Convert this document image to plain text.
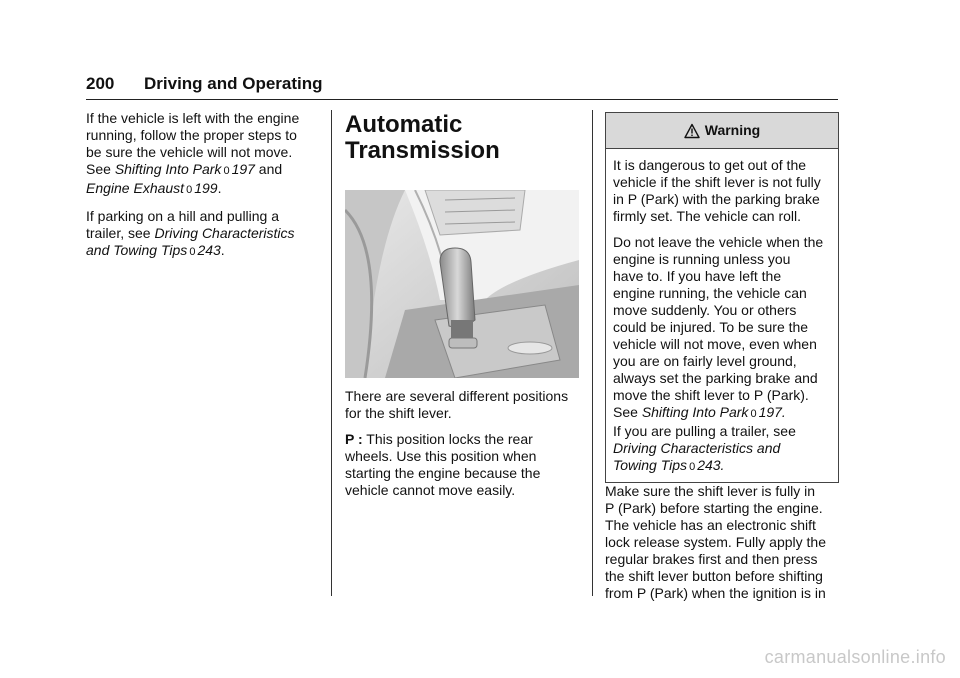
200 Driving and Operating

If the vehicle is left with the engine
running, follow the proper steps to
be sure the vehicle will not move.
See Shifting Into Park 0 197 and
Engine Exhaust 0 199.

If parking on a hill and pulling a
trailer, see Driving Characteristics
and Towing Tips 0 243.

Automatic
Transmission

There are several different positions
for the shift lever.

P : This position locks the rear
wheels. Use this position when
starting the engine because the
vehicle cannot move easily.

Warning

It is dangerous to get out of the
vehicle if the shift lever is not fully
in P (Park) with the parking brake
firmly set. The vehicle can roll.

Do not leave the vehicle when the
engine is running unless you
have to. If you have left the
engine running, the vehicle can
move suddenly. You or others
could be injured. To be sure the
vehicle will not move, even when
you are on fairly level ground,
always set the parking brake and
move the shift lever to P (Park).
See Shifting Into Park 0 197.
If you are pulling a trailer, see
Driving Characteristics and
Towing Tips 0 243.

Make sure the shift lever is fully in
P (Park) before starting the engine.
The vehicle has an electronic shift
lock release system. Fully apply the
regular brakes first and then press
the shift lever button before shifting
from P (Park) when the ignition is in

carmanualsonline.info
